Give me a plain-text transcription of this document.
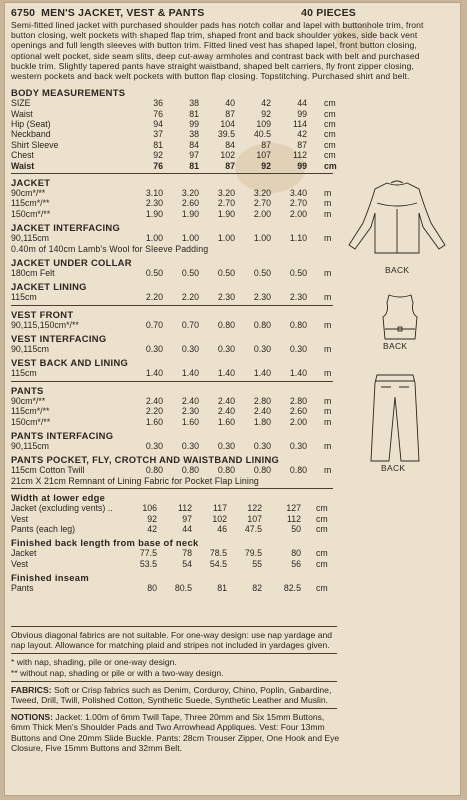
6750 MEN'S JACKET, VEST & PANTS	40 PIECES
Semi-fitted lined jacket with purchased shoulder pads has notch collar and lapel with buttonhole trim, front button closing, welt pockets with shaped flap trim, shaped front and back shoulder yokes, side back vent openings and full length sleeves with button trim. Fitted lined vest has shaped lapel, front button closing, optional welt pocket, side seam slits, deep cut-away armholes and contrast back with belt and purchased buckle trim. Slightly tapered pants have straight waistband, shaped belt carriers, fly front zipper closing, western pockets and back welt pockets with button flap closing. Topstitching. Purchased shirt and belt.
BODY MEASUREMENTS
SIZE	36	38	40	42	44 cm
Waist	76	81	87	92	99 cm
Hip (Seat)	94	99	104	109	114 cm
Neckband	37	38	39.5	40.5	42 cm
Shirt Sleeve	81	84	84	87	87 cm
Chest	92	97	102	107	112 cm
Waist	76	81	87	92	99 cm
JACKET
90cm*/**	3.10	3.20	3.20	3.20	3.40 m
115cm*/**	2.30	2.60	2.70	2.70	2.70 m
150cm*/**	1.90	1.90	1.90	2.00	2.00 m
JACKET INTERFACING
90,115cm	1.00	1.00	1.00	1.00	1.10 m
0.40m of 140cm Lamb's Wool for Sleeve Padding
JACKET UNDER COLLAR
180cm Felt	0.50	0.50	0.50	0.50	0.50 m
JACKET LINING
115cm	2.20	2.20	2.30	2.30	2.30 m
VEST FRONT
90,115,150cm*/**	0.70	0.70	0.80	0.80	0.80 m
VEST INTERFACING
90,115cm	0.30	0.30	0.30	0.30	0.30 m
VEST BACK AND LINING
115cm	1.40	1.40	1.40	1.40	1.40 m
PANTS
90cm*/**	2.40	2.40	2.40	2.80	2.80 m
115cm*/**	2.20	2.30	2.40	2.40	2.60 m
150cm*/**	1.60	1.60	1.60	1.80	2.00 m
PANTS INTERFACING
90,115cm	0.30	0.30	0.30	0.30	0.30 m
PANTS POCKET, FLY, CROTCH AND WAISTBAND LINING
115cm Cotton Twill	0.80	0.80	0.80	0.80	0.80 m
21cm X 21cm Remnant of Lining Fabric for Pocket Flap Lining
Width at lower edge
Jacket (excluding vents) ..	106	112	117	122	127 cm
Vest	92	97	102	107	112 cm
Pants (each leg)	42	44	46	47.5	50 cm
Finished back length from base of neck
Jacket	77.5	78	78.5	79.5	80 cm
Vest	53.5	54	54.5	55	56 cm
Finished inseam
Pants	80	80.5	81	82	82.5 cm
BACK
BACK
BACK
Obvious diagonal fabrics are not suitable. For one-way design: use nap yardage and nap layout. Allowance for matching plaid and stripes not included in yardages given.
* with nap, shading, pile or one-way design.
** without nap, shading or pile or with a two-way design.
FABRICS: Soft or Crisp fabrics such as Denim, Corduroy, Chino, Poplin, Gabardine, Tweed, Drill, Twill, Polished Cotton, Synthetic Suede, Synthetic Leather and Muslin.
NOTIONS: Jacket: 1.00m of 6mm Twill Tape, Three 20mm and Six 15mm Buttons, 6mm Thick Men's Shoulder Pads and Two Arrowhead Appliques. Vest: Four 13mm Buttons and One 20mm Slide Buckle. Pants: 28cm Trouser Zipper, One Hook and Eye Closure, Five 15mm Buttons and 32mm Belt.
